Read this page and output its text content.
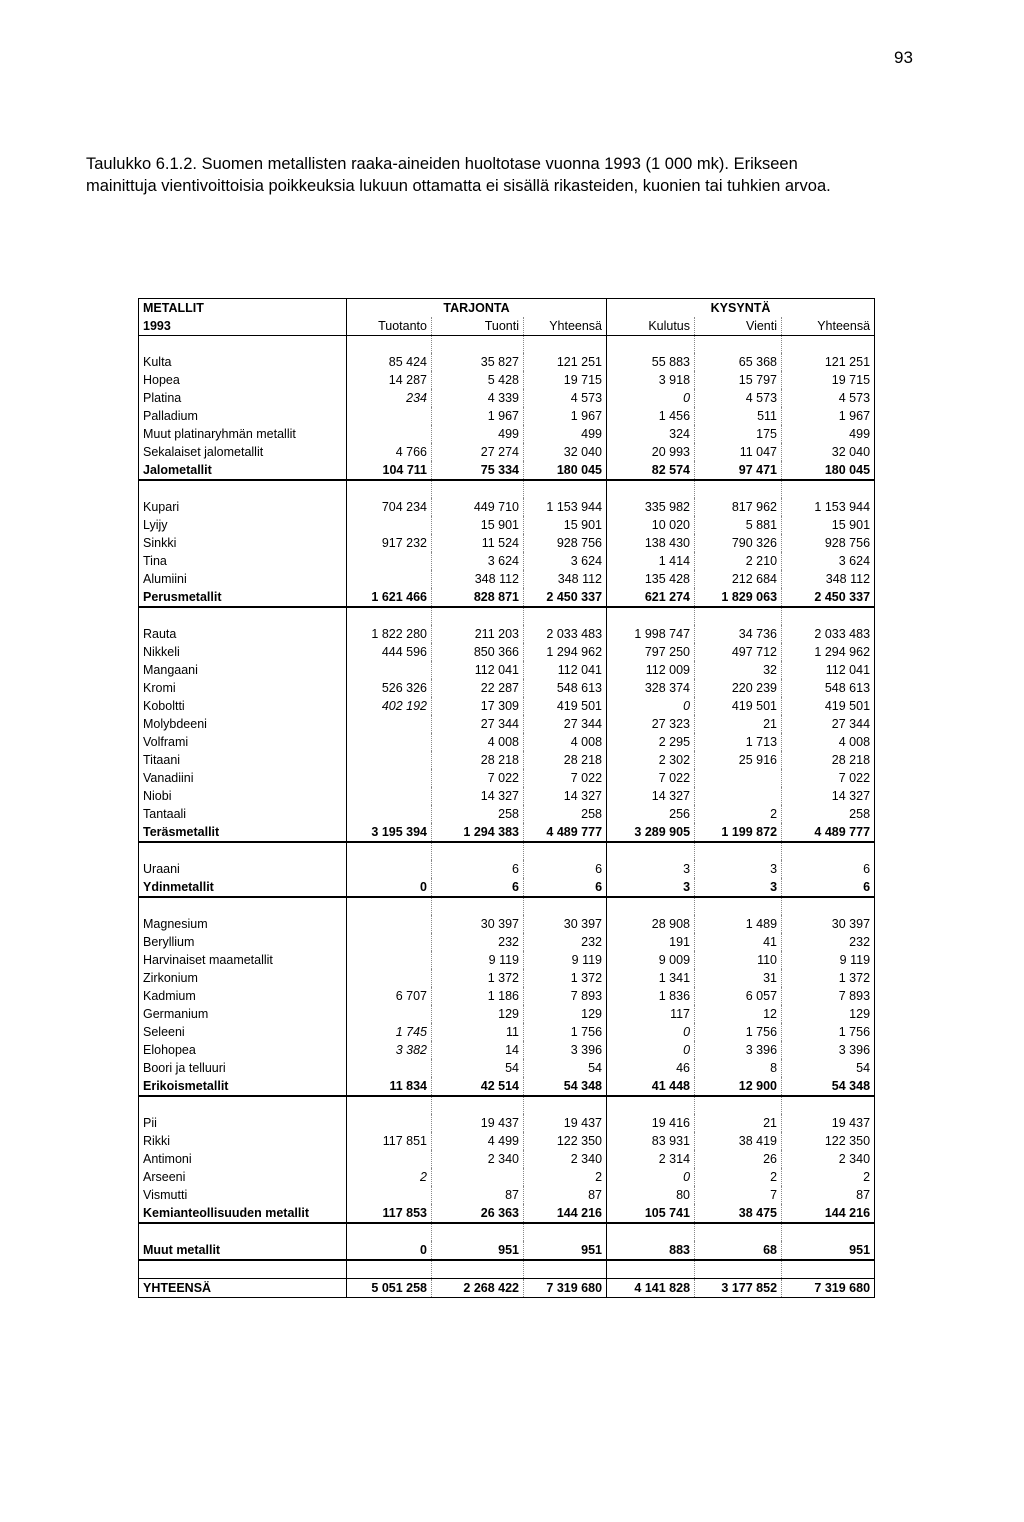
93

Taulukko 6.1.2. Suomen metallisten raaka-aineiden huoltotase vuonna 1993 (1 000 mk). Erikseen

mainittuja vientivoittoisia poikkeuksia lukuun ottamatta ei sisällä rikasteiden, kuonien tai tuhkien arvoa.

METALLIT	TARJONTA			KYSYNTÄ		
1993	Tuotanto	Tuonti	Yhteensä	Kulutus	Vienti	Yhteensä

Kulta	85 424	35 827	121 251	55 883	65 368	121 251
Hopea	14 287	5 428	19 715	3 918	15 797	19 715
Platina	234	4 339	4 573	0	4 573	4 573
Palladium		1 967	1 967	1 456	511	1 967
Muut platinaryhmän metallit		499	499	324	175	499
Sekalaiset jalometallit	4 766	27 274	32 040	20 993	11 047	32 040
Jalometallit	104 711	75 334	180 045	82 574	97 471	180 045

Kupari	704 234	449 710	1 153 944	335 982	817 962	1 153 944
Lyijy		15 901	15 901	10 020	5 881	15 901
Sinkki	917 232	11 524	928 756	138 430	790 326	928 756
Tina		3 624	3 624	1 414	2 210	3 624
Alumiini		348 112	348 112	135 428	212 684	348 112
Perusmetallit	1 621 466	828 871	2 450 337	621 274	1 829 063	2 450 337

Rauta	1 822 280	211 203	2 033 483	1 998 747	34 736	2 033 483
Nikkeli	444 596	850 366	1 294 962	797 250	497 712	1 294 962
Mangaani		112 041	112 041	112 009	32	112 041
Kromi	526 326	22 287	548 613	328 374	220 239	548 613
Koboltti	402 192	17 309	419 501	0	419 501	419 501
Molybdeeni		27 344	27 344	27 323	21	27 344
Volframi		4 008	4 008	2 295	1 713	4 008
Titaani		28 218	28 218	2 302	25 916	28 218
Vanadiini		7 022	7 022	7 022		7 022
Niobi		14 327	14 327	14 327		14 327
Tantaali		258	258	256	2	258
Teräsmetallit	3 195 394	1 294 383	4 489 777	3 289 905	1 199 872	4 489 777

Uraani		6	6	3	3	6
Ydinmetallit	0	6	6	3	3	6

Magnesium		30 397	30 397	28 908	1 489	30 397
Beryllium		232	232	191	41	232
Harvinaiset maametallit		9 119	9 119	9 009	110	9 119
Zirkonium		1 372	1 372	1 341	31	1 372
Kadmium	6 707	1 186	7 893	1 836	6 057	7 893
Germanium		129	129	117	12	129
Seleeni	1 745	11	1 756	0	1 756	1 756
Elohopea	3 382	14	3 396	0	3 396	3 396
Boori ja telluuri		54	54	46	8	54
Erikoismetallit	11 834	42 514	54 348	41 448	12 900	54 348

Pii		19 437	19 437	19 416	21	19 437
Rikki	117 851	4 499	122 350	83 931	38 419	122 350
Antimoni		2 340	2 340	2 314	26	2 340
Arseeni	2		2	0	2	2
Vismutti		87	87	80	7	87
Kemianteollisuuden metallit	117 853	26 363	144 216	105 741	38 475	144 216

Muut metallit	0	951	951	883	68	951

YHTEENSÄ	5 051 258	2 268 422	7 319 680	4 141 828	3 177 852	7 319 680
